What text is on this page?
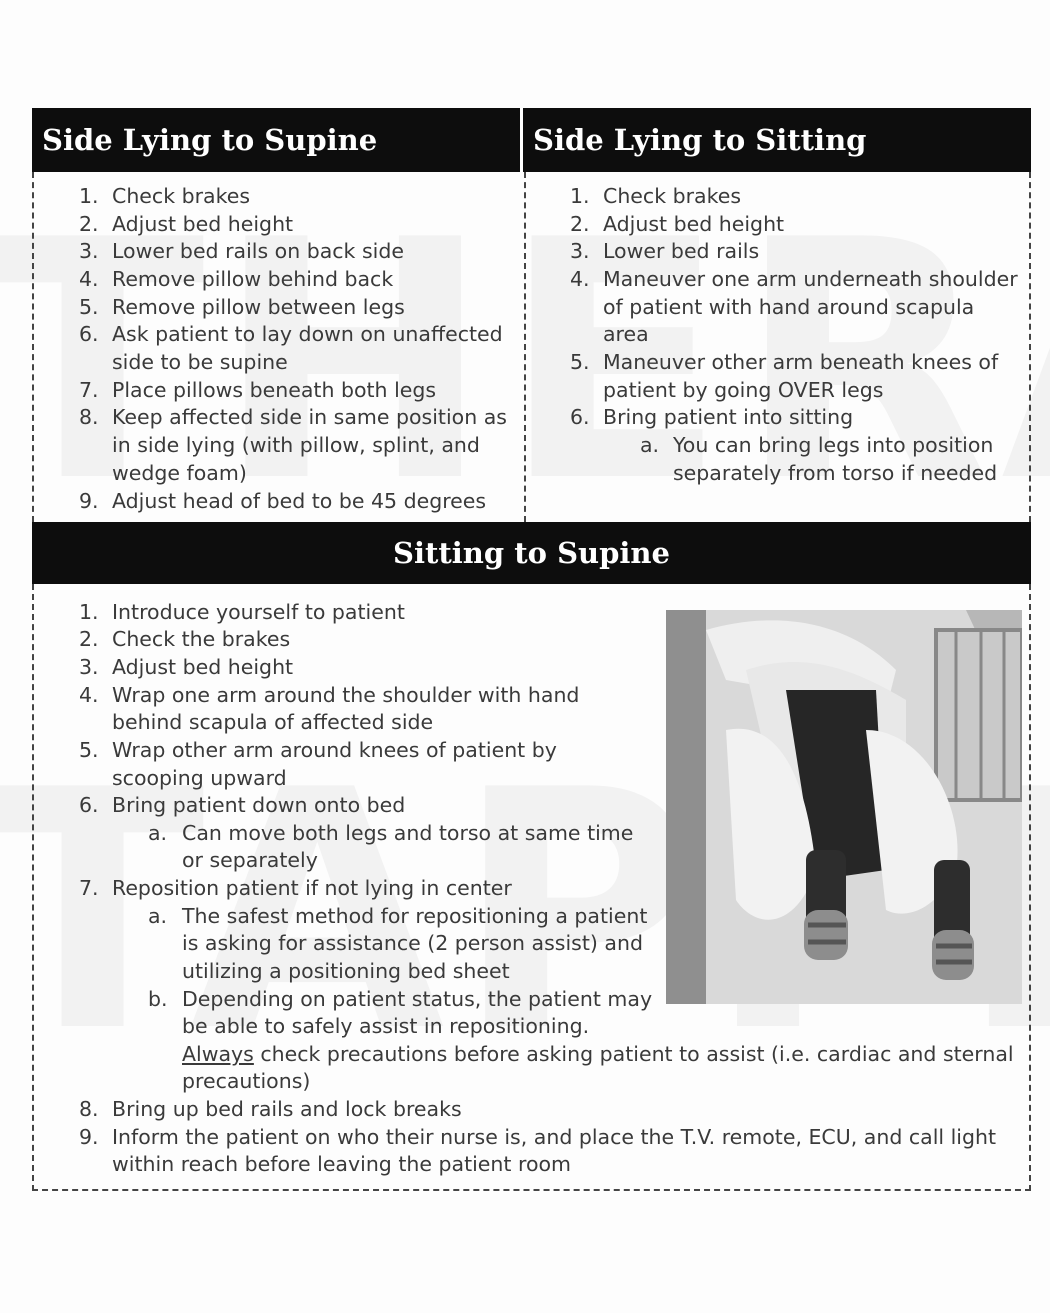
Side Lying to Supine	Side Lying to Sitting
1. Check brakes
2. Adjust bed height
3. Lower bed rails on back side
4. Remove pillow behind back
5. Remove pillow between legs
6. Ask patient to lay down on unaffected
side to be supine
7. Place pillows beneath both legs
8. Keep affected side in same position as
in side lying (with pillow, splint, and
wedge foam)
9. Adjust head of bed to be 45 degrees
1. Check brakes
2. Adjust bed height
3. Lower bed rails
4. Maneuver one arm underneath shoulder
of patient with hand around scapula
area
5. Maneuver other arm beneath knees of
patient by going OVER legs
6. Bring patient into sitting
a. You can bring legs into position
separately from torso if needed
Sitting to Supine
1. Introduce yourself to patient
2. Check the brakes
3. Adjust bed height
4. Wrap one arm around the shoulder with hand
behind scapula of affected side
5. Wrap other arm around knees of patient by
scooping upward
6. Bring patient down onto bed
a. Can move both legs and torso at same time
or separately
7. Reposition patient if not lying in center
a. The safest method for repositioning a patient
is asking for assistance (2 person assist) and
utilizing a positioning bed sheet
b. Depending on patient status, the patient may
be able to safely assist in repositioning.
Always check precautions before asking patient to assist (i.e. cardiac and sternal
precautions)
8. Bring up bed rails and lock breaks
9. Inform the patient on who their nurse is, and place the T.V. remote, ECU, and call light
within reach before leaving the patient room
